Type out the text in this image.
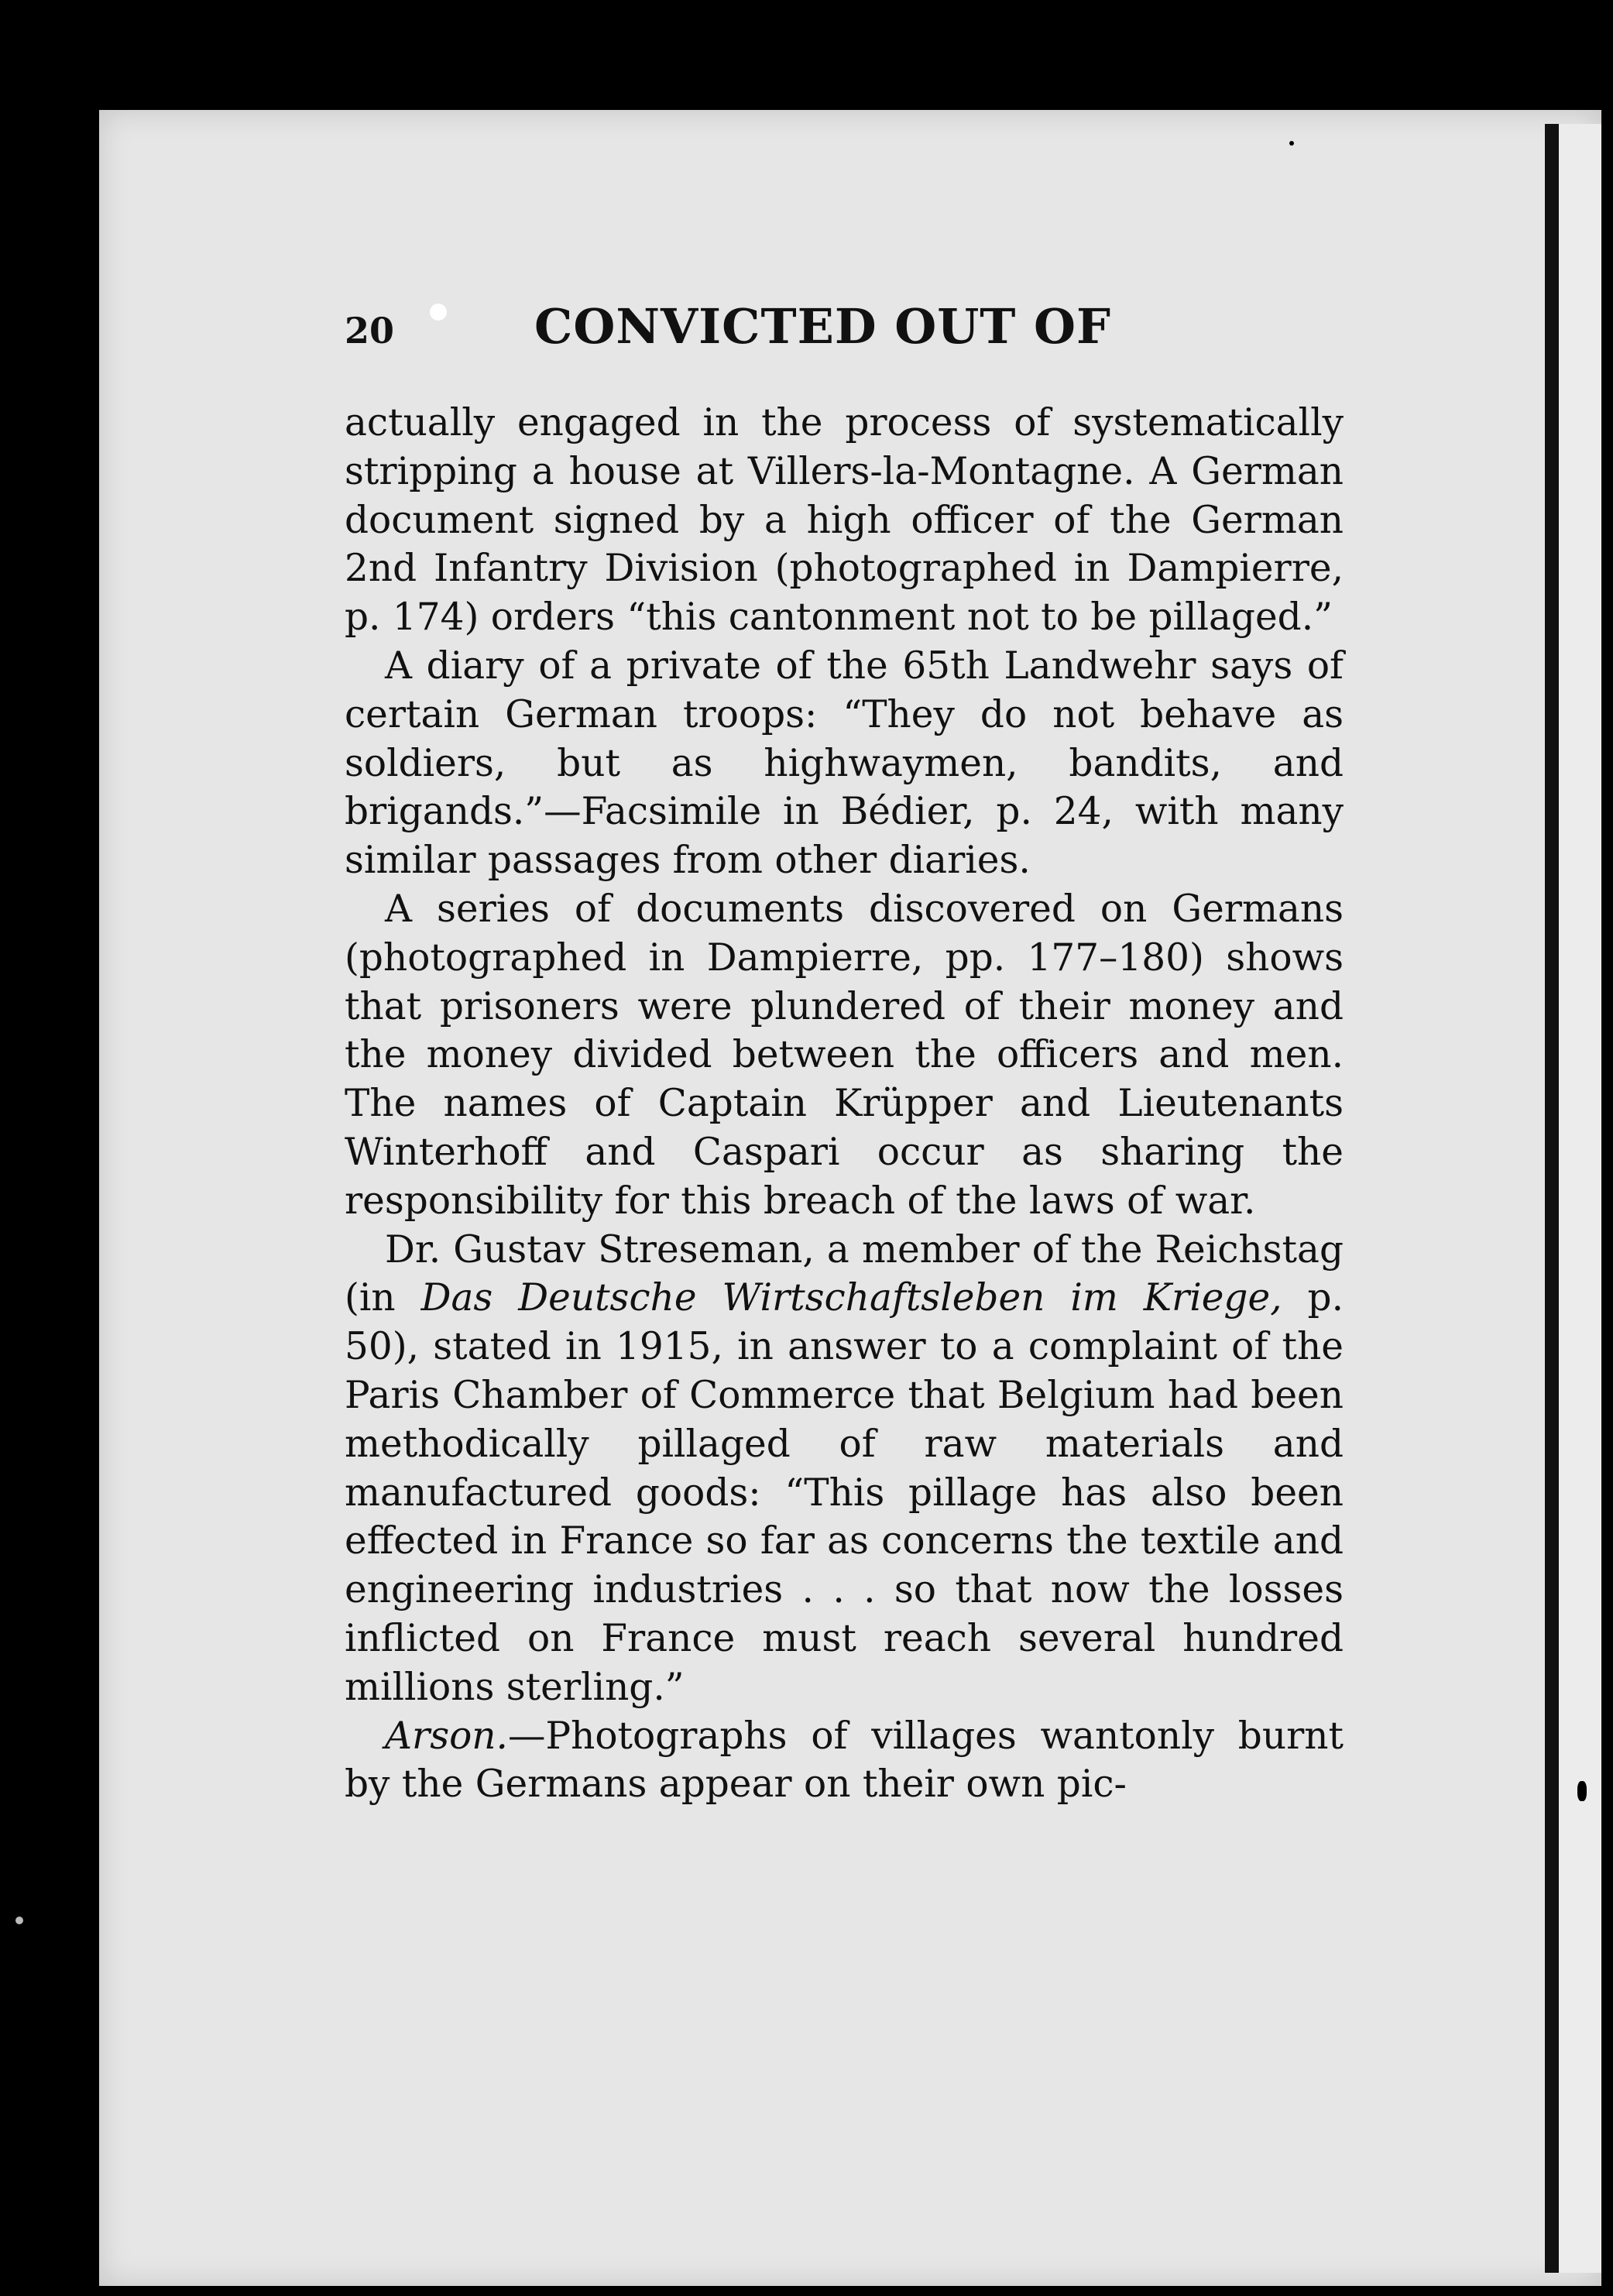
20	CONVICTED OUT OF

actually engaged in the process of systematically stripping a house at Villers-la-Montagne. A German document signed by a high officer of the German 2nd Infantry Division (photographed in Dampierre, p. 174) orders “this cantonment not to be pillaged.”

A diary of a private of the 65th Landwehr says of certain German troops: “They do not behave as soldiers, but as highwaymen, bandits, and brigands.”—Facsimile in Bédier, p. 24, with many similar passages from other diaries.

A series of documents discovered on Germans (photographed in Dampierre, pp. 177–180) shows that prisoners were plundered of their money and the money divided between the officers and men. The names of Captain Krüpper and Lieutenants Winterhoff and Caspari occur as sharing the responsibility for this breach of the laws of war.

Dr. Gustav Streseman, a member of the Reichstag (in Das Deutsche Wirtschaftsleben im Kriege, p. 50), stated in 1915, in answer to a complaint of the Paris Chamber of Commerce that Belgium had been methodically pillaged of raw materials and manufactured goods: “This pillage has also been effected in France so far as concerns the textile and engineering industries . . . so that now the losses inflicted on France must reach several hundred millions sterling.”

Arson.—Photographs of villages wantonly burnt by the Germans appear on their own pic-
